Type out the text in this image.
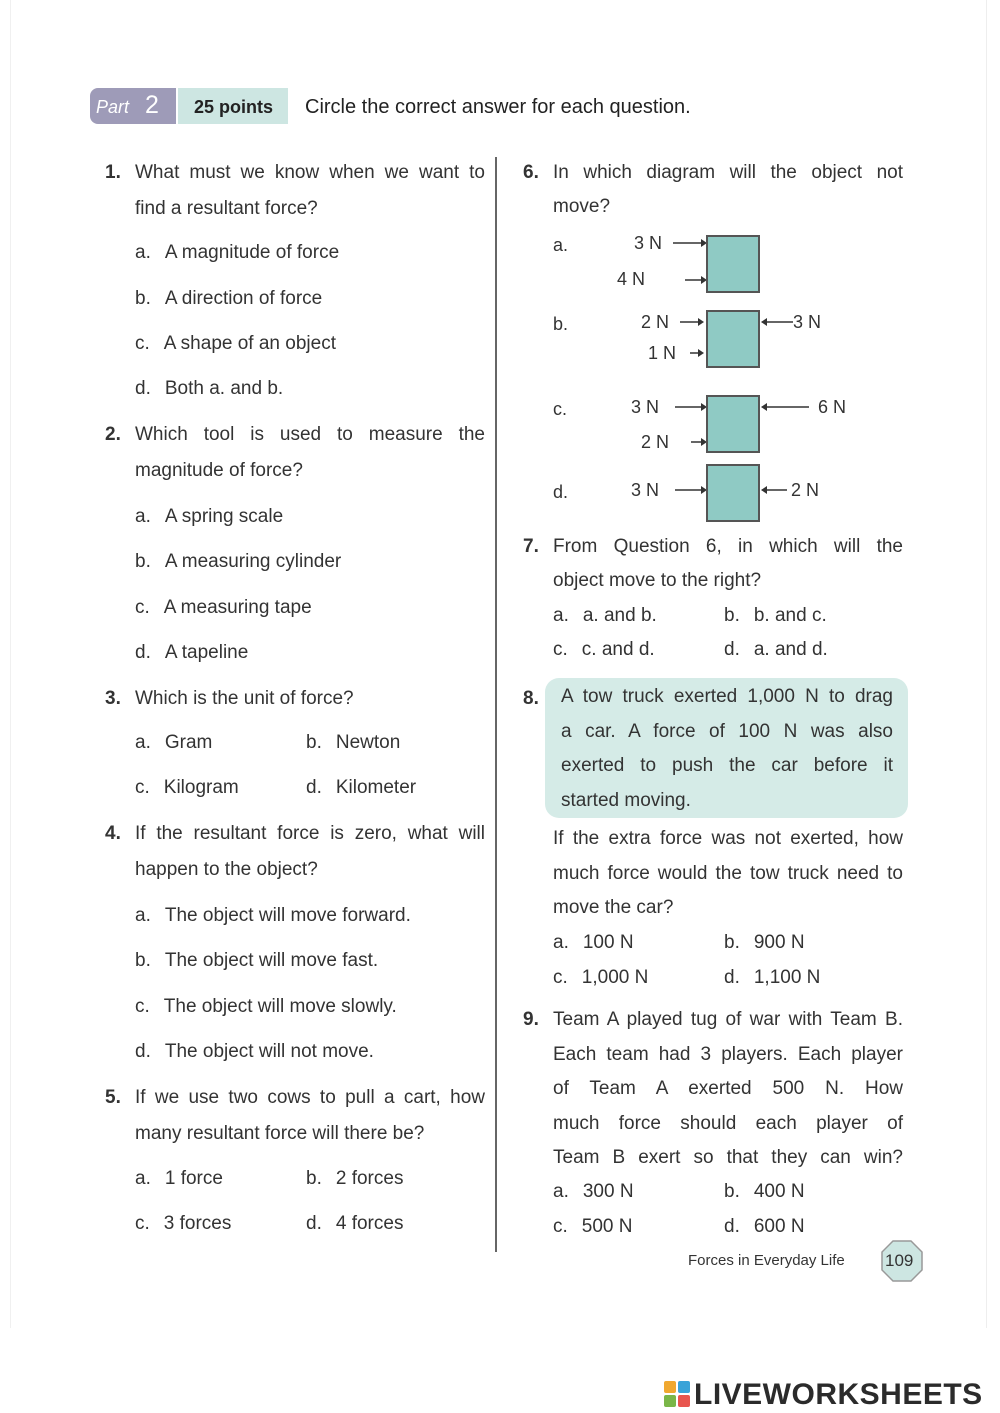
Part 2 25 points Circle the correct answer for each question.
1. What must we know when we want to
find a resultant force?
a. A magnitude of force
b. A direction of force
c. A shape of an object
d. Both a. and b.
2. Which tool is used to measure the
magnitude of force?
a. A spring scale
b. A measuring cylinder
c. A measuring tape
d. A tapeline
3. Which is the unit of force?
a. Gram	b. Newton
c. Kilogram	d. Kilometer
4. If the resultant force is zero, what will
happen to the object?
a. The object will move forward.
b. The object will move fast.
c. The object will move slowly.
d. The object will not move.
5. If we use two cows to pull a cart, how
many resultant force will there be?
a. 1 force	b. 2 forces
c. 3 forces	d. 4 forces
6. In which diagram will the object not
move?
a.	3 N
4 N
b.	2 N
1 N
3 N
c.	3 N
2 N
6 N
d.	3 N	2 N
7. From Question 6, in which will the
object move to the right?
a. a. and b.	b. b. and c.
c. c. and d.	d. a. and d.
8. A tow truck exerted 1,000 N to drag
a car. A force of 100 N was also
exerted to push the car before it
started moving.
If the extra force was not exerted, how
much force would the tow truck need to
move the car?
a. 100 N	b. 900 N
c. 1,000 N	d. 1,100 N
9. Team A played tug of war with Team B.
Each team had 3 players. Each player
of Team A exerted 500 N. How
much force should each player of
Team B exert so that they can win?
a. 300 N	b. 400 N
c. 500 N	d. 600 N
Forces in Everyday Life 109
LIVEWORKSHEETS
